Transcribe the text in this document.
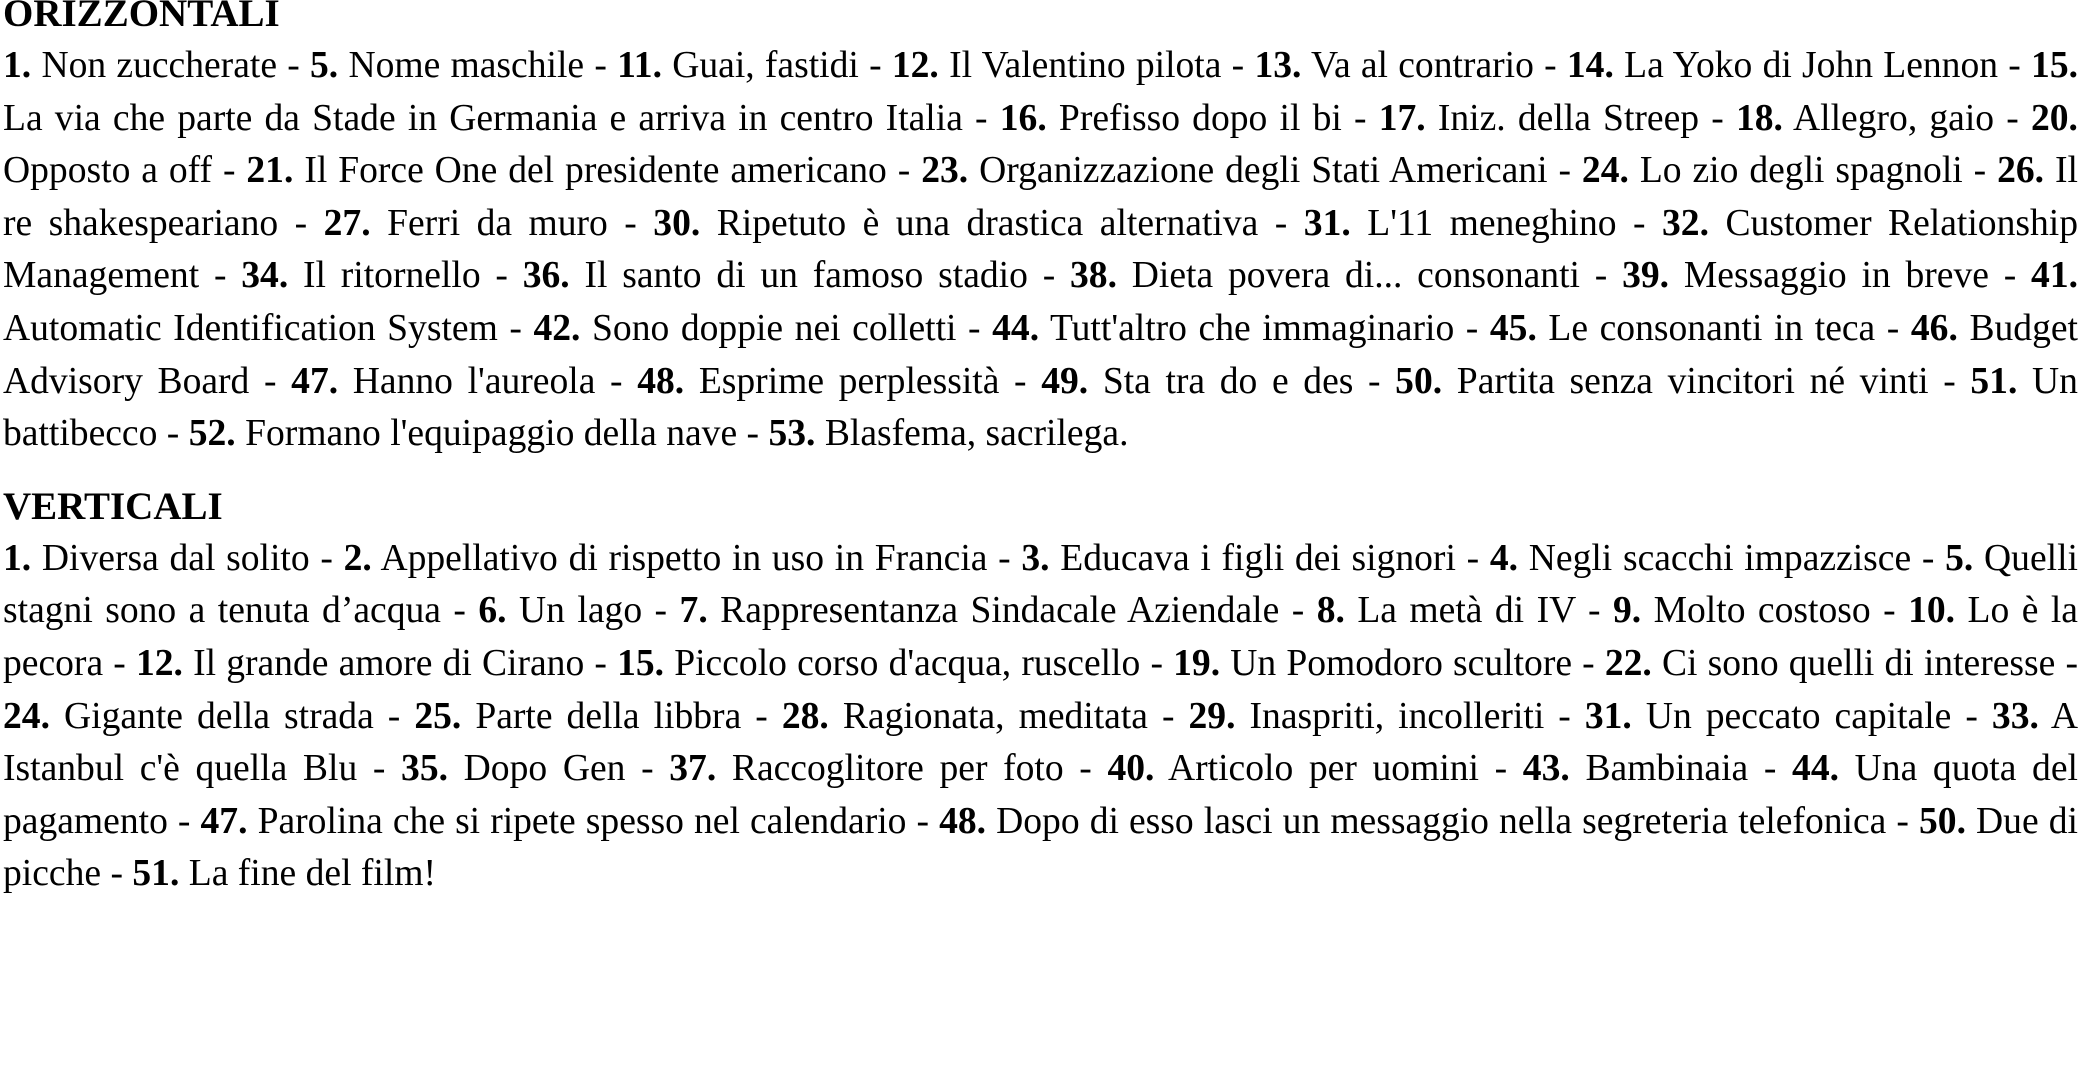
ORIZZONTALI

1. Non zuccherate - 5. Nome maschile - 11. Guai, fastidi - 12. Il Valentino pilota - 13. Va al contrario - 14. La Yoko di John Lennon - 15. La via che parte da Stade in Germania e arriva in centro Italia - 16. Prefisso dopo il bi - 17. Iniz. della Streep - 18. Allegro, gaio - 20. Opposto a off - 21. Il Force One del presidente americano - 23. Organizzazione degli Stati Americani - 24. Lo zio degli spagnoli - 26. Il re shakespeariano - 27. Ferri da muro - 30. Ripetuto è una drastica alternativa - 31. L'11 meneghino - 32. Customer Relationship Management - 34. Il ritornello - 36. Il santo di un famoso stadio - 38. Dieta povera di... consonanti - 39. Messaggio in breve - 41. Automatic Identification System - 42. Sono doppie nei colletti - 44. Tutt'altro che immaginario - 45. Le consonanti in teca - 46. Budget Advisory Board - 47. Hanno l'aureola - 48. Esprime perplessità - 49. Sta tra do e des - 50. Partita senza vincitori né vinti - 51. Un battibecco - 52. Formano l'equipaggio della nave - 53. Blasfema, sacrilega.

VERTICALI

1. Diversa dal solito - 2. Appellativo di rispetto in uso in Francia - 3. Educava i figli dei signori - 4. Negli scacchi impazzisce - 5. Quelli stagni sono a tenuta d’acqua - 6. Un lago - 7. Rappresentanza Sindacale Aziendale - 8. La metà di IV - 9. Molto costoso - 10. Lo è la pecora - 12. Il grande amore di Cirano - 15. Piccolo corso d'acqua, ruscello - 19. Un Pomodoro scultore - 22. Ci sono quelli di interesse - 24. Gigante della strada - 25. Parte della libbra - 28. Ragionata, meditata - 29. Inaspriti, incolleriti - 31. Un peccato capitale - 33. A Istanbul c'è quella Blu - 35. Dopo Gen - 37. Raccoglitore per foto - 40. Articolo per uomini - 43. Bambinaia - 44. Una quota del pagamento - 47. Parolina che si ripete spesso nel calendario - 48. Dopo di esso lasci un messaggio nella segreteria telefonica - 50. Due di picche - 51. La fine del film!
